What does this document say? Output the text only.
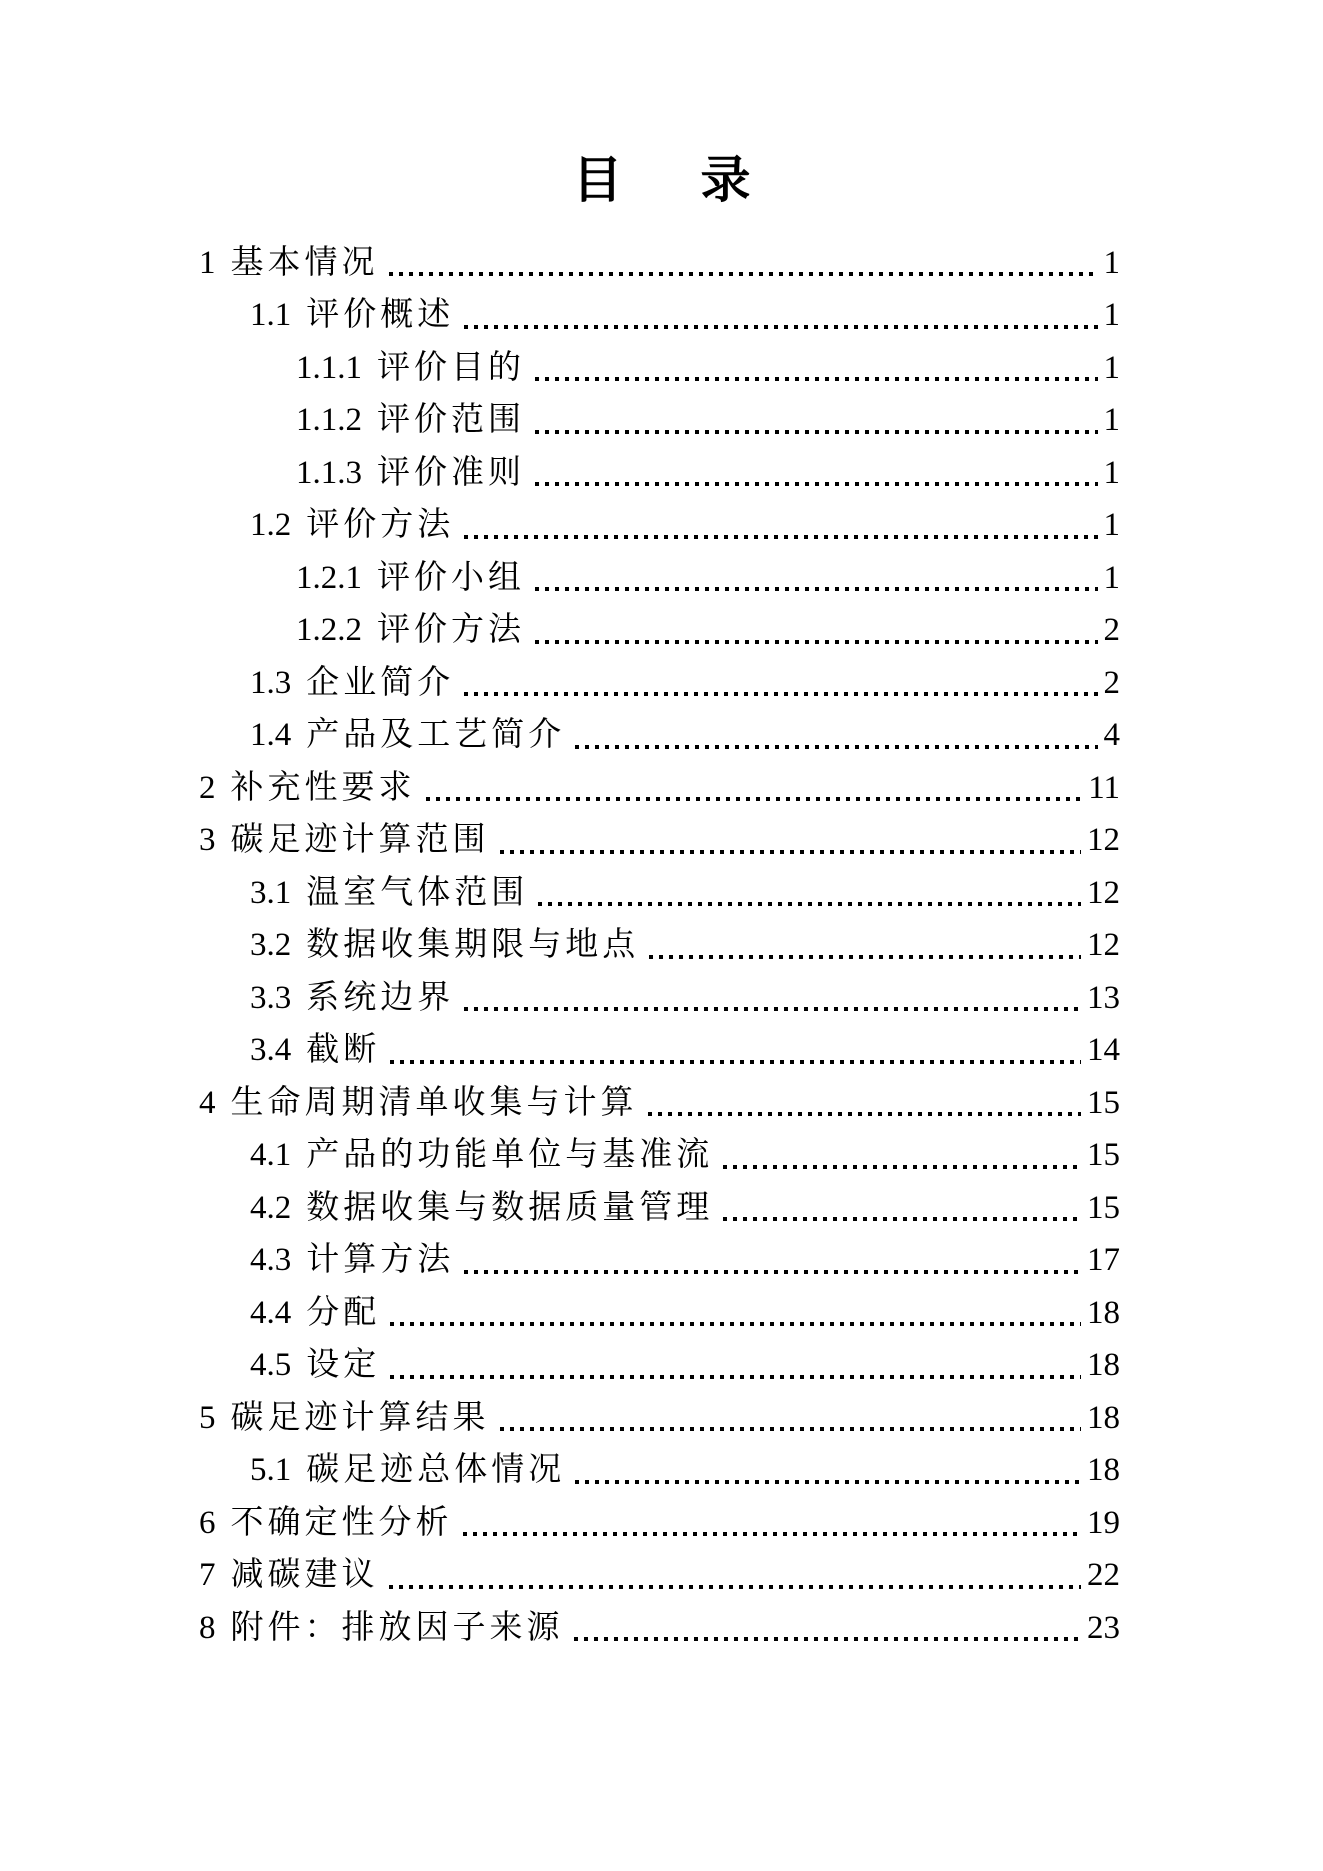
目　录
1 基本情况	1
1.1 评价概述	1
1.1.1 评价目的	1
1.1.2 评价范围	1
1.1.3 评价准则	1
1.2 评价方法	1
1.2.1 评价小组	1
1.2.2 评价方法	2
1.3 企业简介	2
1.4 产品及工艺简介	4
2 补充性要求	11
3 碳足迹计算范围	12
3.1 温室气体范围	12
3.2 数据收集期限与地点	12
3.3 系统边界	13
3.4 截断	14
4 生命周期清单收集与计算	15
4.1 产品的功能单位与基准流	15
4.2 数据收集与数据质量管理	15
4.3 计算方法	17
4.4 分配	18
4.5 设定	18
5 碳足迹计算结果	18
5.1 碳足迹总体情况	18
6 不确定性分析	19
7 减碳建议	22
8 附件：排放因子来源	23
